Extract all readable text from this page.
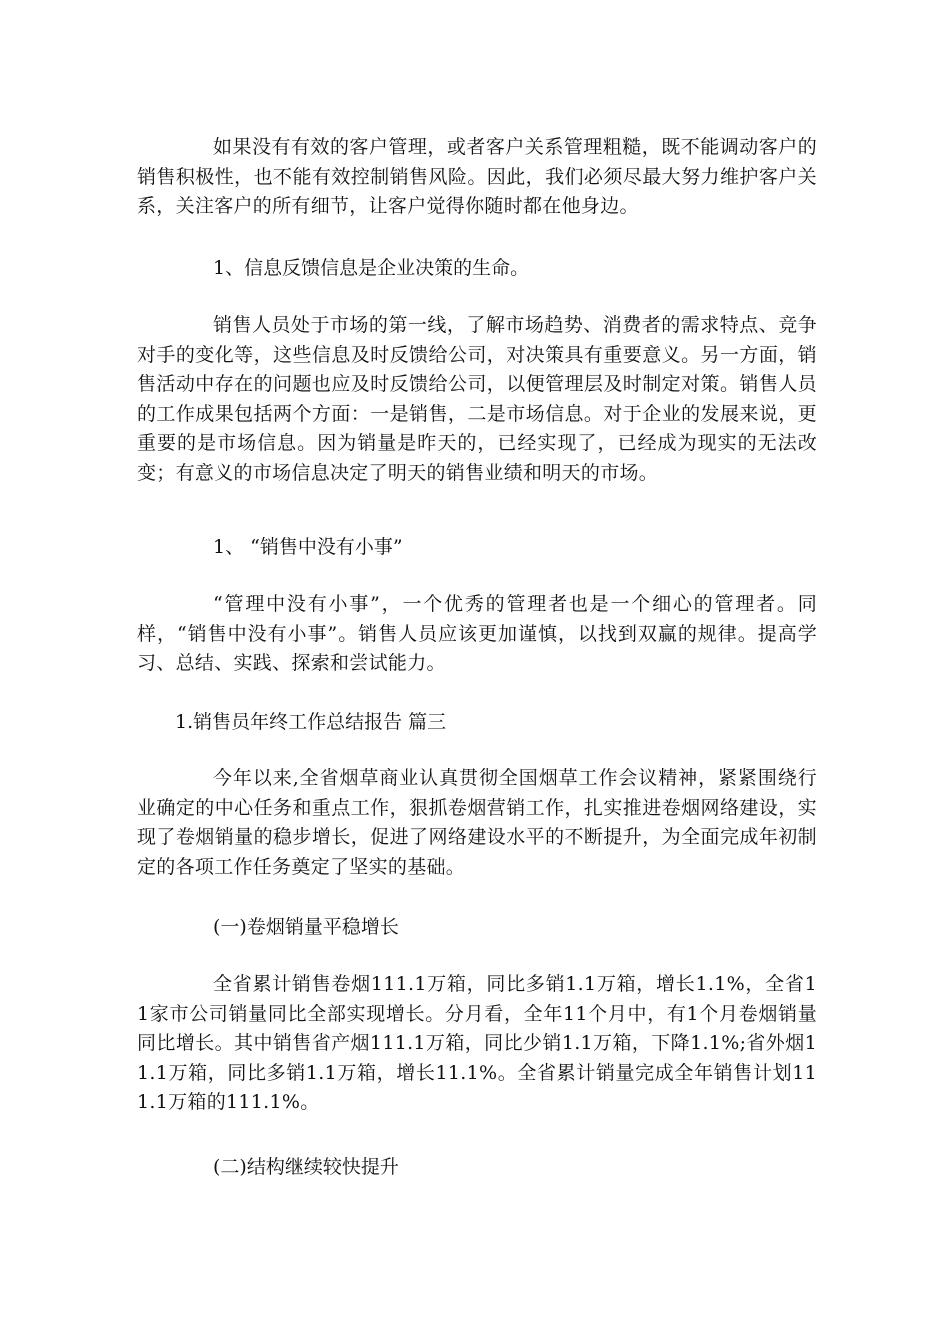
如果没有有效的客户管理，或者客户关系管理粗糙，既不能调动客户的销售积极性，也不能有效控制销售风险。因此，我们必须尽最大努力维护客户关系，关注客户的所有细节，让客户觉得你随时都在他身边。

1、信息反馈信息是企业决策的生命。

销售人员处于市场的第一线，了解市场趋势、消费者的需求特点、竞争对手的变化等，这些信息及时反馈给公司，对决策具有重要意义。另一方面，销售活动中存在的问题也应及时反馈给公司，以便管理层及时制定对策。销售人员的工作成果包括两个方面：一是销售，二是市场信息。对于企业的发展来说，更重要的是市场信息。因为销量是昨天的，已经实现了，已经成为现实的无法改变；有意义的市场信息决定了明天的销售业绩和明天的市场。

1、 “销售中没有小事”

“管理中没有小事”，一个优秀的管理者也是一个细心的管理者。同样，“销售中没有小事”。销售人员应该更加谨慎，以找到双赢的规律。提高学习、总结、实践、探索和尝试能力。

1.销售员年终工作总结报告 篇三

今年以来,全省烟草商业认真贯彻全国烟草工作会议精神，紧紧围绕行业确定的中心任务和重点工作，狠抓卷烟营销工作，扎实推进卷烟网络建设，实现了卷烟销量的稳步增长，促进了网络建设水平的不断提升，为全面完成年初制定的各项工作任务奠定了坚实的基础。

(一)卷烟销量平稳增长

全省累计销售卷烟111.1万箱，同比多销1.1万箱，增长1.1%，全省11家市公司销量同比全部实现增长。分月看，全年11个月中，有1个月卷烟销量同比增长。其中销售省产烟111.1万箱，同比少销1.1万箱，下降1.1%;省外烟11.1万箱，同比多销1.1万箱，增长11.1%。全省累计销量完成全年销售计划111.1万箱的111.1%。

(二)结构继续较快提升
